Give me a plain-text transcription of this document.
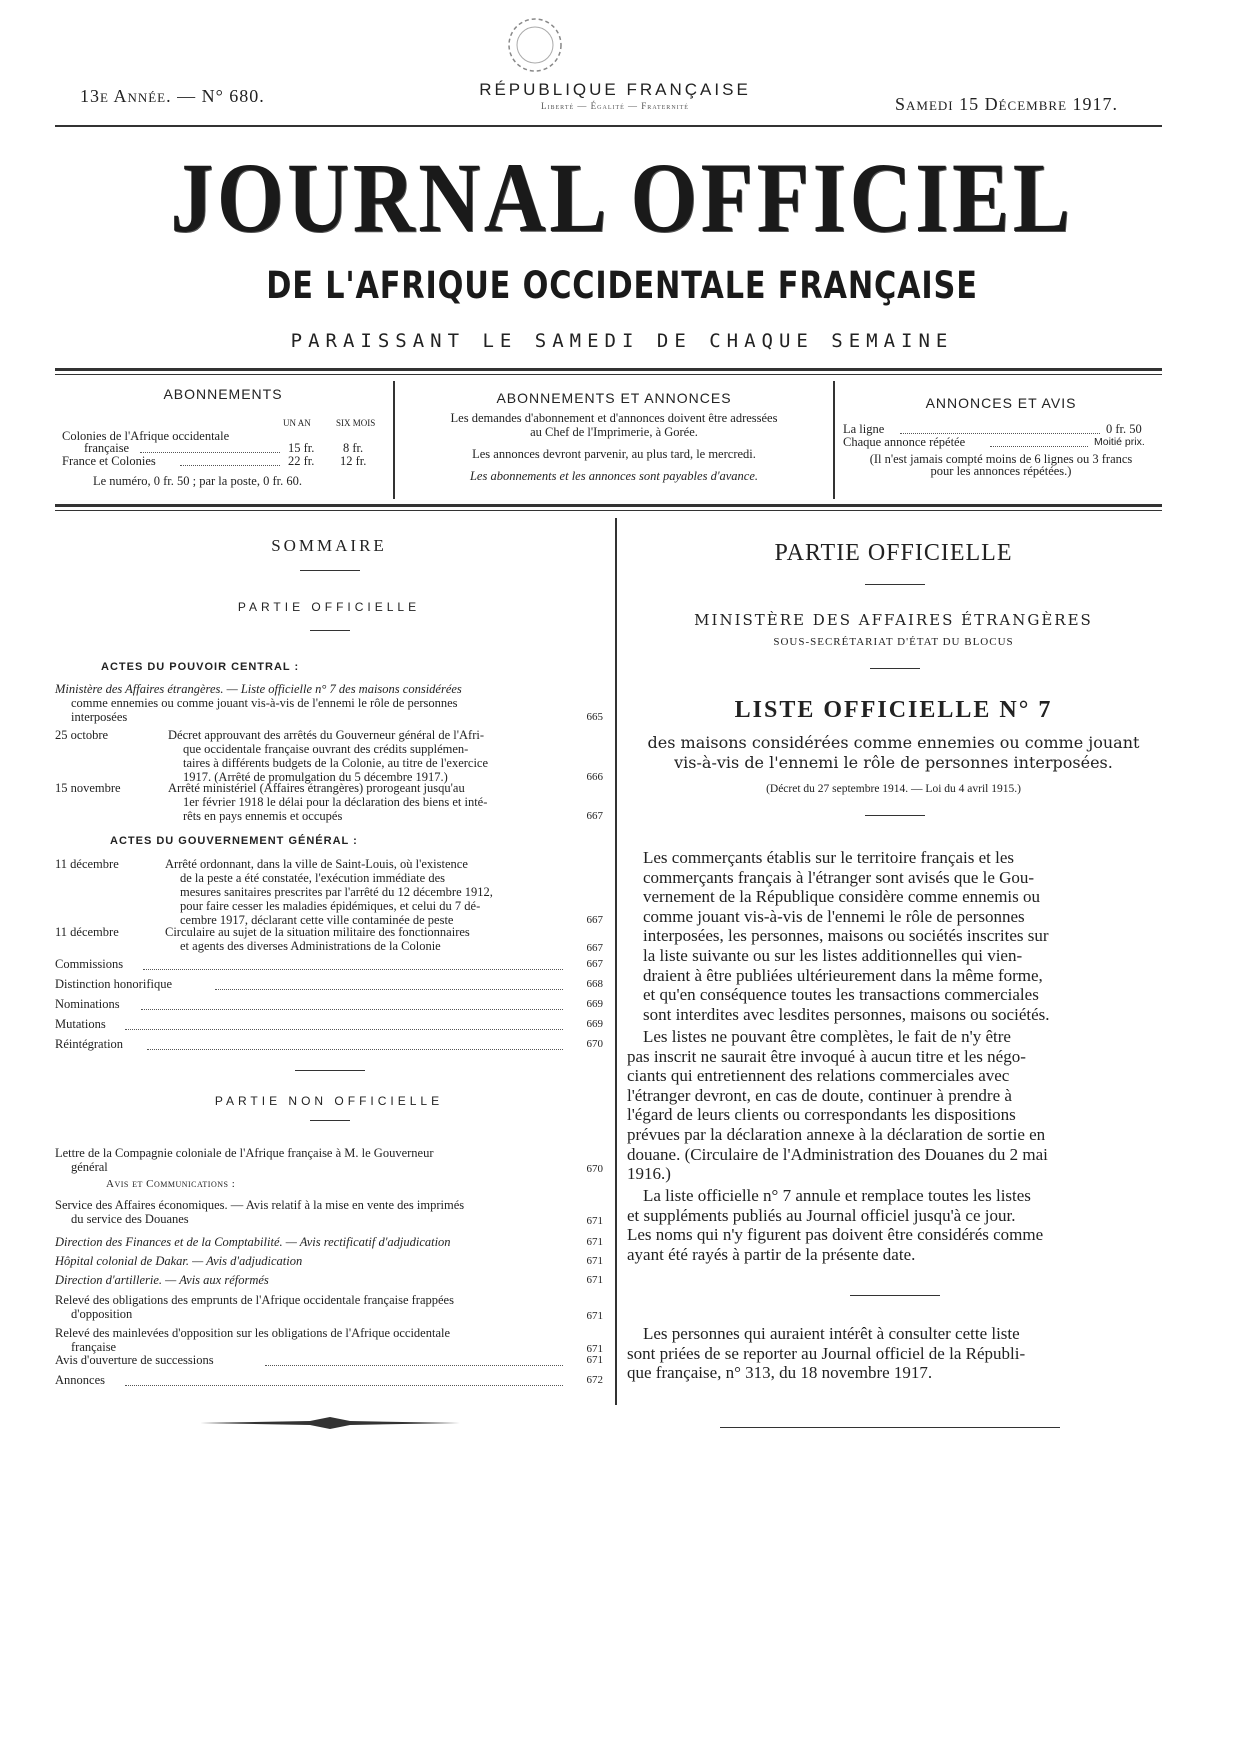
13e Année. — N° 680.	RÉPUBLIQUE FRANÇAISE
Liberté — Égalité — Fraternité	Samedi 15 Décembre 1917.
JOURNAL OFFICIEL
DE L'AFRIQUE OCCIDENTALE FRANÇAISE
PARAISSANT LE SAMEDI DE CHAQUE SEMAINE
ABONNEMENTS
UN AN	SIX MOIS
Colonies de l'Afrique occidentale
française	15 fr. 8 fr.
France et Colonies	22 fr. 12 fr.
Le numéro, 0 fr. 50 ; par la poste, 0 fr. 60.
ABONNEMENTS ET ANNONCES
Les demandes d'abonnement et d'annonces doivent être adressées
au Chef de l'Imprimerie, à Gorée.
Les annonces devront parvenir, au plus tard, le mercredi.
Les abonnements et les annonces sont payables d'avance.
ANNONCES ET AVIS
La ligne	0 fr. 50
Chaque annonce répétée	Moitié prix.
(Il n'est jamais compté moins de 6 lignes ou 3 francs
pour les annonces répétées.)
SOMMAIRE
PARTIE OFFICIELLE
ACTES DU POUVOIR CENTRAL :
Ministère des Affaires étrangères. — Liste officielle n° 7 des maisons considérées
comme ennemies ou comme jouant vis-à-vis de l'ennemi le rôle de personnes
interposées	665
25 octobre	Décret approuvant des arrêtés du Gouverneur général de l'Afri-
que occidentale française ouvrant des crédits supplémen-
taires à différents budgets de la Colonie, au titre de l'exercice
1917. (Arrêté de promulgation du 5 décembre 1917.)	666
15 novembre	Arrêté ministériel (Affaires étrangères) prorogeant jusqu'au
1er février 1918 le délai pour la déclaration des biens et inté-
rêts en pays ennemis et occupés	667
ACTES DU GOUVERNEMENT GÉNÉRAL :
11 décembre	Arrêté ordonnant, dans la ville de Saint-Louis, où l'existence
de la peste a été constatée, l'exécution immédiate des
mesures sanitaires prescrites par l'arrêté du 12 décembre 1912,
pour faire cesser les maladies épidémiques, et celui du 7 dé-
cembre 1917, déclarant cette ville contaminée de peste	667
11 décembre	Circulaire au sujet de la situation militaire des fonctionnaires
et agents des diverses Administrations de la Colonie	667
Commissions	667
Distinction honorifique	668
Nominations	669
Mutations	669
Réintégration	670
PARTIE NON OFFICIELLE
Lettre de la Compagnie coloniale de l'Afrique française à M. le Gouverneur
général	670
Avis et Communications :
Service des Affaires économiques. — Avis relatif à la mise en vente des imprimés
du service des Douanes	671
Direction des Finances et de la Comptabilité. — Avis rectificatif d'adjudication	671
Hôpital colonial de Dakar. — Avis d'adjudication	671
Direction d'artillerie. — Avis aux réformés	671
Relevé des obligations des emprunts de l'Afrique occidentale française frappées
d'opposition	671
Relevé des mainlevées d'opposition sur les obligations de l'Afrique occidentale
française	671
Avis d'ouverture de successions	671
Annonces	672
PARTIE OFFICIELLE
MINISTÈRE DES AFFAIRES ÉTRANGÈRES
SOUS-SECRÉTARIAT D'ÉTAT DU BLOCUS
LISTE OFFICIELLE N° 7
des maisons considérées comme ennemies ou comme jouant
vis-à-vis de l'ennemi le rôle de personnes interposées.
(Décret du 27 septembre 1914. — Loi du 4 avril 1915.)
Les commerçants établis sur le territoire français et les
commerçants français à l'étranger sont avisés que le Gou-
vernement de la République considère comme ennemis ou
comme jouant vis-à-vis de l'ennemi le rôle de personnes
interposées, les personnes, maisons ou sociétés inscrites sur
la liste suivante ou sur les listes additionnelles qui vien-
draient à être publiées ultérieurement dans la même forme,
et qu'en conséquence toutes les transactions commerciales
sont interdites avec lesdites personnes, maisons ou sociétés.
Les listes ne pouvant être complètes, le fait de n'y être
pas inscrit ne saurait être invoqué à aucun titre et les négo-
ciants qui entretiennent des relations commerciales avec
l'étranger devront, en cas de doute, continuer à prendre à
l'égard de leurs clients ou correspondants les dispositions
prévues par la déclaration annexe à la déclaration de sortie en
douane. (Circulaire de l'Administration des Douanes du 2 mai
1916.)
La liste officielle n° 7 annule et remplace toutes les listes
et suppléments publiés au Journal officiel jusqu'à ce jour.
Les noms qui n'y figurent pas doivent être considérés comme
ayant été rayés à partir de la présente date.
Les personnes qui auraient intérêt à consulter cette liste
sont priées de se reporter au Journal officiel de la Républi-
que française, n° 313, du 18 novembre 1917.
